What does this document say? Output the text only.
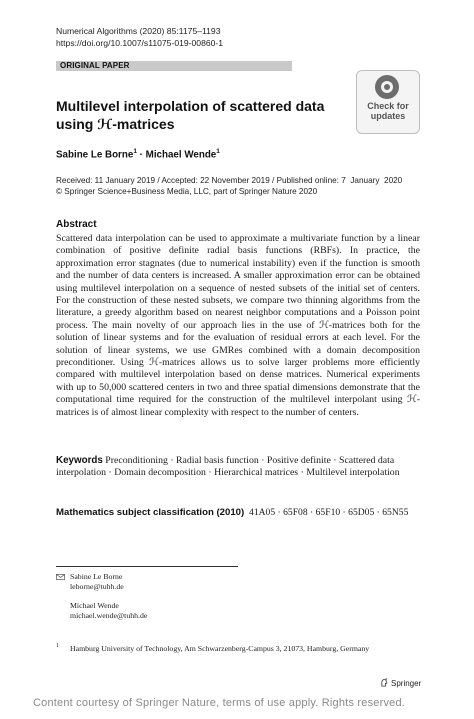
Numerical Algorithms (2020) 85:1175–1193
https://doi.org/10.1007/s11075-019-00860-1
ORIGINAL PAPER
Multilevel interpolation of scattered data using ℋ-matrices
Check for
updates
Sabine Le Borne$^1$ · Michael Wende$^1$
Received: 11 January 2019 / Accepted: 22 November 2019 / Published online: 7  January  2020
© Springer Science+Business Media, LLC, part of Springer Nature 2020
Abstract
Scattered data interpolation can be used to approximate a multivariate function by a linear combination of positive definite radial basis functions (RBFs). In practice, the approximation error stagnates (due to numerical instability) even if the function is smooth and the number of data centers is increased. A smaller approximation error can be obtained using multilevel interpolation on a sequence of nested subsets of the initial set of centers. For the construction of these nested subsets, we compare two thinning algorithms from the literature, a greedy algorithm based on nearest neighbor computations and a Poisson point process. The main novelty of our approach lies in the use of ℋ-matrices both for the solution of linear systems and for the evaluation of residual errors at each level. For the solution of linear systems, we use GMRes combined with a domain decomposition preconditioner. Using ℋ-matrices allows us to solve larger problems more efficiently compared with multilevel interpolation based on dense matrices. Numerical experiments with up to 50,000 scattered centers in two and three spatial dimensions demonstrate that the computational time required for the construction of the multilevel interpolant using ℋ-matrices is of almost linear complexity with respect to the number of centers.
Keywords Preconditioning · Radial basis function · Positive definite · Scattered data interpolation · Domain decomposition · Hierarchical matrices · Multilevel interpolation
Mathematics subject classification (2010) 41A05 · 65F08 · 65F10 · 65D05 · 65N55
Sabine Le Borne
leborne@tuhh.de
Michael Wende
michael.wende@tuhh.de
1 Hamburg University of Technology, Am Schwarzenberg-Campus 3, 21073, Hamburg, Germany
Springer
Content courtesy of Springer Nature, terms of use apply. Rights reserved.
